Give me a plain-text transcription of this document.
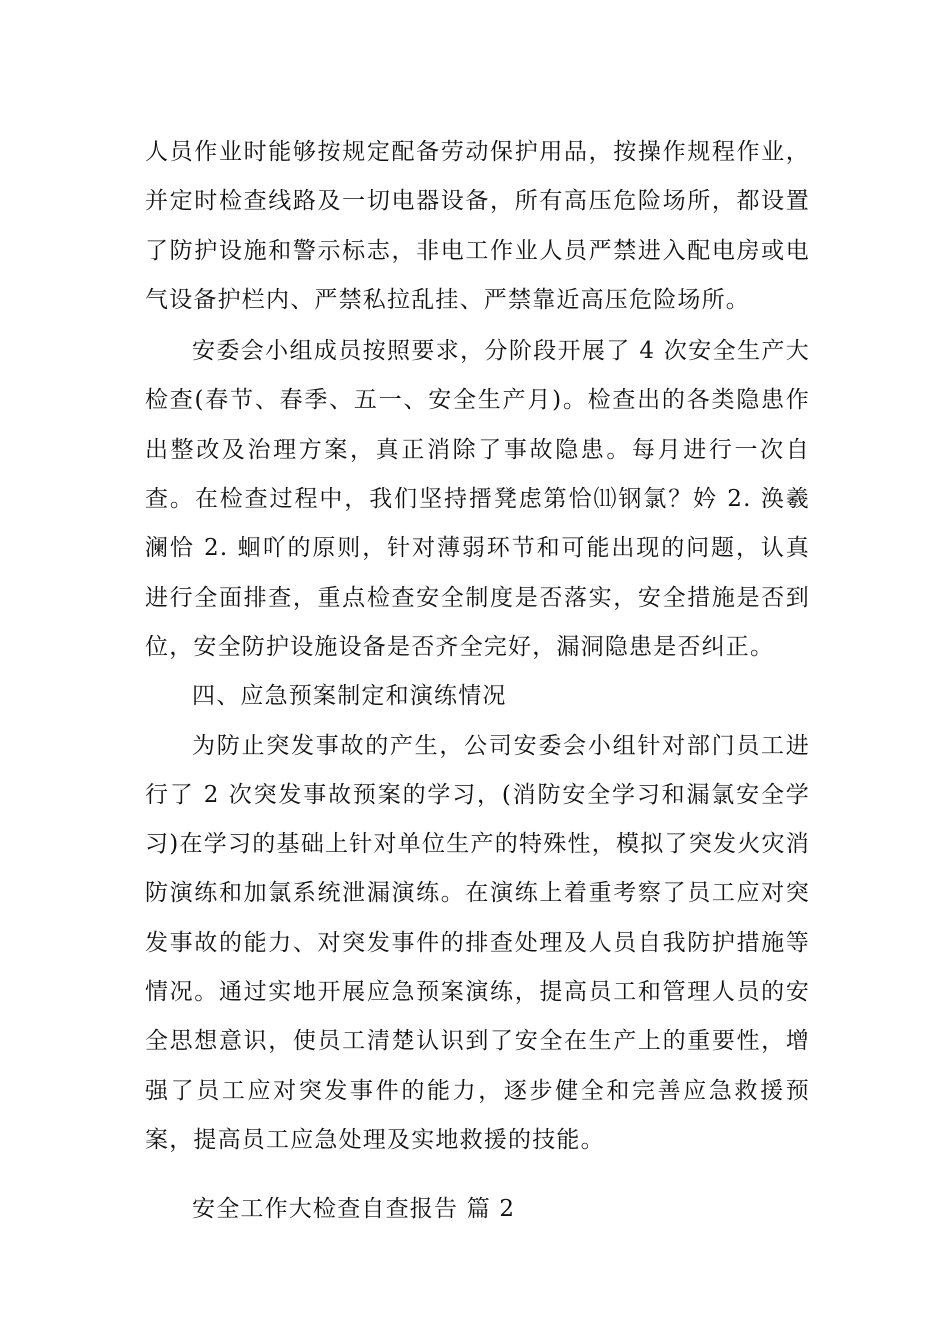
人员作业时能够按规定配备劳动保护用品，按操作规程作业，并定时检查线路及一切电器设备，所有高压危险场所，都设置了防护设施和警示标志，非电工作业人员严禁进入配电房或电气设备护栏内、严禁私拉乱挂、严禁靠近高压危险场所。

安委会小组成员按照要求，分阶段开展了 4 次安全生产大检查(春节、春季、五一、安全生产月)。检查出的各类隐患作出整改及治理方案，真正消除了事故隐患。每月进行一次自查。在检查过程中，我们坚持搢凳虑第恰⑾钢氯？妗 2. 涣羲澜恰 2. 蛔吖的原则，针对薄弱环节和可能出现的问题，认真进行全面排查，重点检查安全制度是否落实，安全措施是否到位，安全防护设施设备是否齐全完好，漏洞隐患是否纠正。

四、应急预案制定和演练情况

为防止突发事故的产生，公司安委会小组针对部门员工进行了 2 次突发事故预案的学习，(消防安全学习和漏氯安全学习)在学习的基础上针对单位生产的特殊性，模拟了突发火灾消防演练和加氯系统泄漏演练。在演练上着重考察了员工应对突发事故的能力、对突发事件的排查处理及人员自我防护措施等情况。通过实地开展应急预案演练，提高员工和管理人员的安全思想意识，使员工清楚认识到了安全在生产上的重要性，增强了员工应对突发事件的能力，逐步健全和完善应急救援预案，提高员工应急处理及实地救援的技能。

安全工作大检查自查报告 篇 2
